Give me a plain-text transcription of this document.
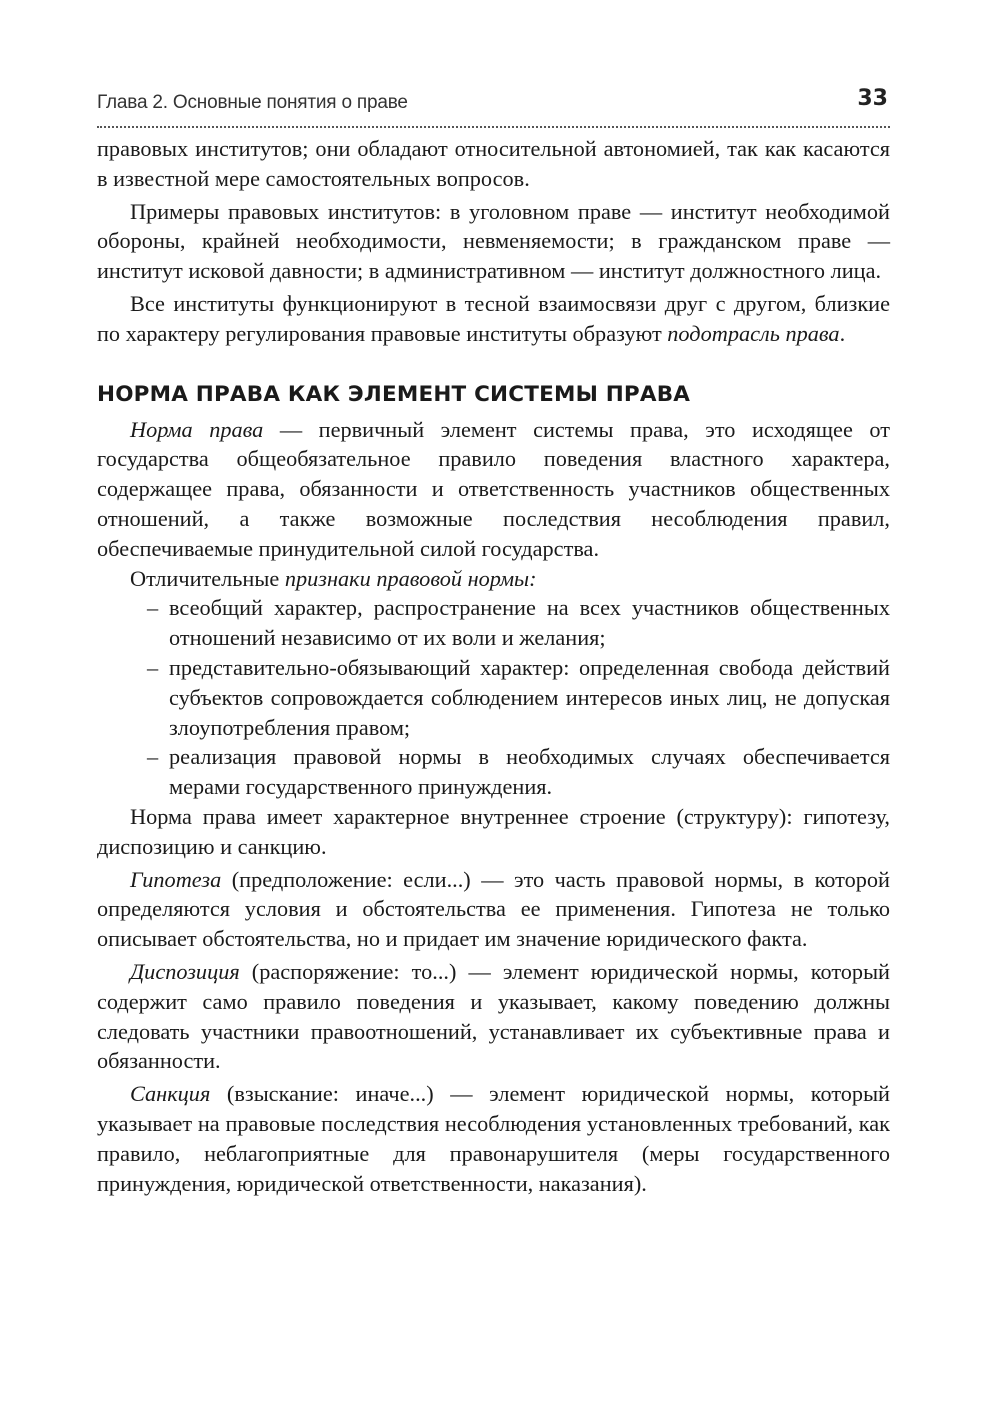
Глава 2. Основные понятия о праве	33

правовых институтов; они обладают относительной автономией, так как касаются в известной мере самостоятельных вопросов.

Примеры правовых институтов: в уголовном праве — институт необходимой обороны, крайней необходимости, невменяемости; в гражданском праве — институт исковой давности; в административном — институт должностного лица.

Все институты функционируют в тесной взаимосвязи друг с другом, близкие по характеру регулирования правовые институты образуют подотрасль права.

НОРМА ПРАВА КАК ЭЛЕМЕНТ СИСТЕМЫ ПРАВА

Норма права — первичный элемент системы права, это исходящее от государства общеобязательное правило поведения властного характера, содержащее права, обязанности и ответственность участников общественных отношений, а также возможные последствия несоблюдения правил, обеспечиваемые принудительной силой государства.

Отличительные признаки правовой нормы:

– всеобщий характер, распространение на всех участников общественных отношений независимо от их воли и желания;
– представительно-обязывающий характер: определенная свобода действий субъектов сопровождается соблюдением интересов иных лиц, не допуская злоупотребления правом;
– реализация правовой нормы в необходимых случаях обеспечивается мерами государственного принуждения.

Норма права имеет характерное внутреннее строение (структуру): гипотезу, диспозицию и санкцию.

Гипотеза (предположение: если...) — это часть правовой нормы, в которой определяются условия и обстоятельства ее применения. Гипотеза не только описывает обстоятельства, но и придает им значение юридического факта.

Диспозиция (распоряжение: то...) — элемент юридической нормы, который содержит само правило поведения и указывает, какому поведению должны следовать участники правоотношений, устанавливает их субъективные права и обязанности.

Санкция (взыскание: иначе...) — элемент юридической нормы, который указывает на правовые последствия несоблюдения установленных требований, как правило, неблагоприятные для правонарушителя (меры государственного принуждения, юридической ответственности, наказания).
